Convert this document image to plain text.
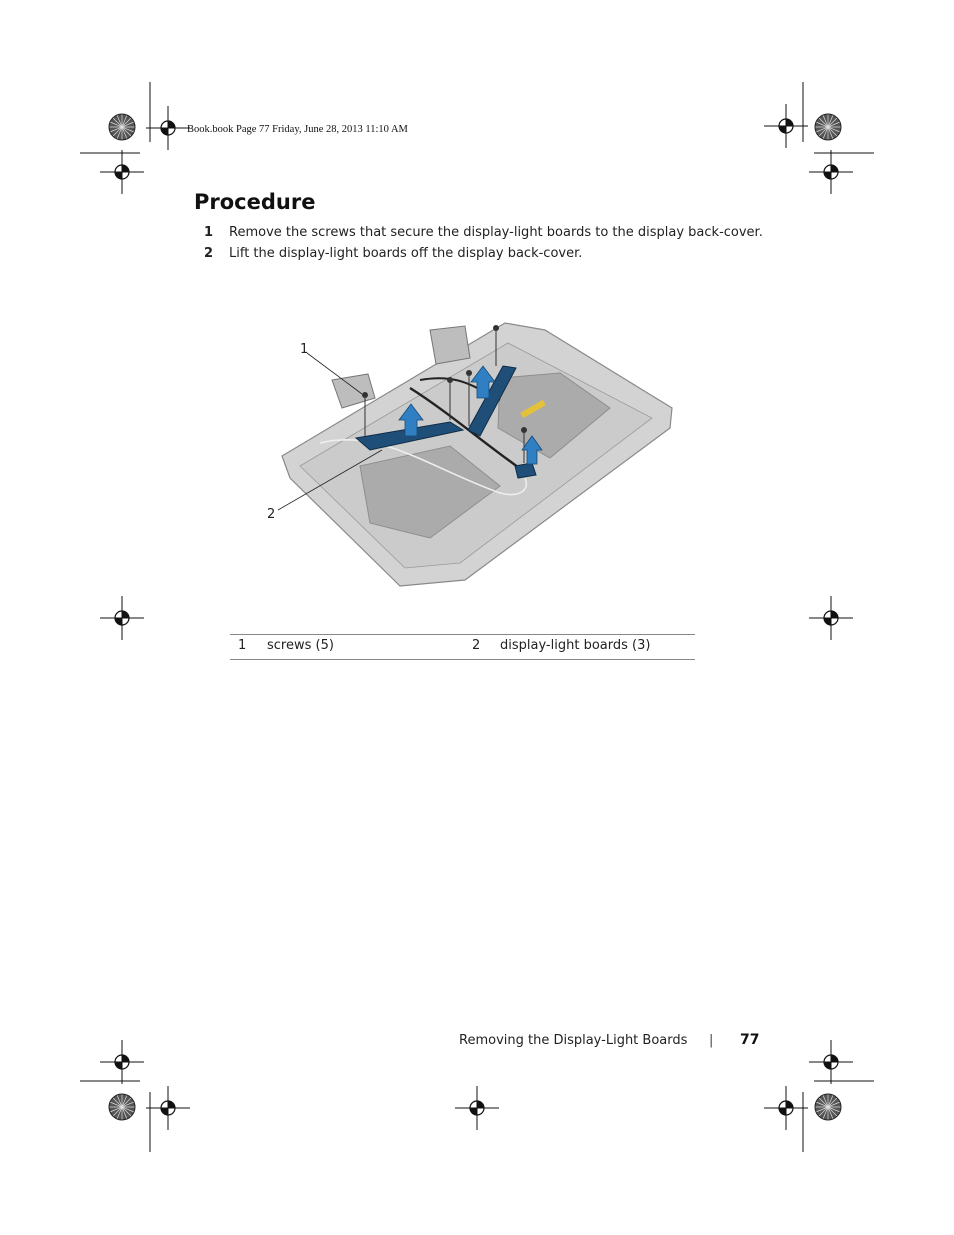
Book.book Page 77 Friday, June 28, 2013 11:10 AM
Procedure
1 Remove the screws that secure the display-light boards to the display back-cover.
2 Lift the display-light boards off the display back-cover.
1
2
1 screws (5)	2 display-light boards (3)
Removing the Display-Light Boards | 77
